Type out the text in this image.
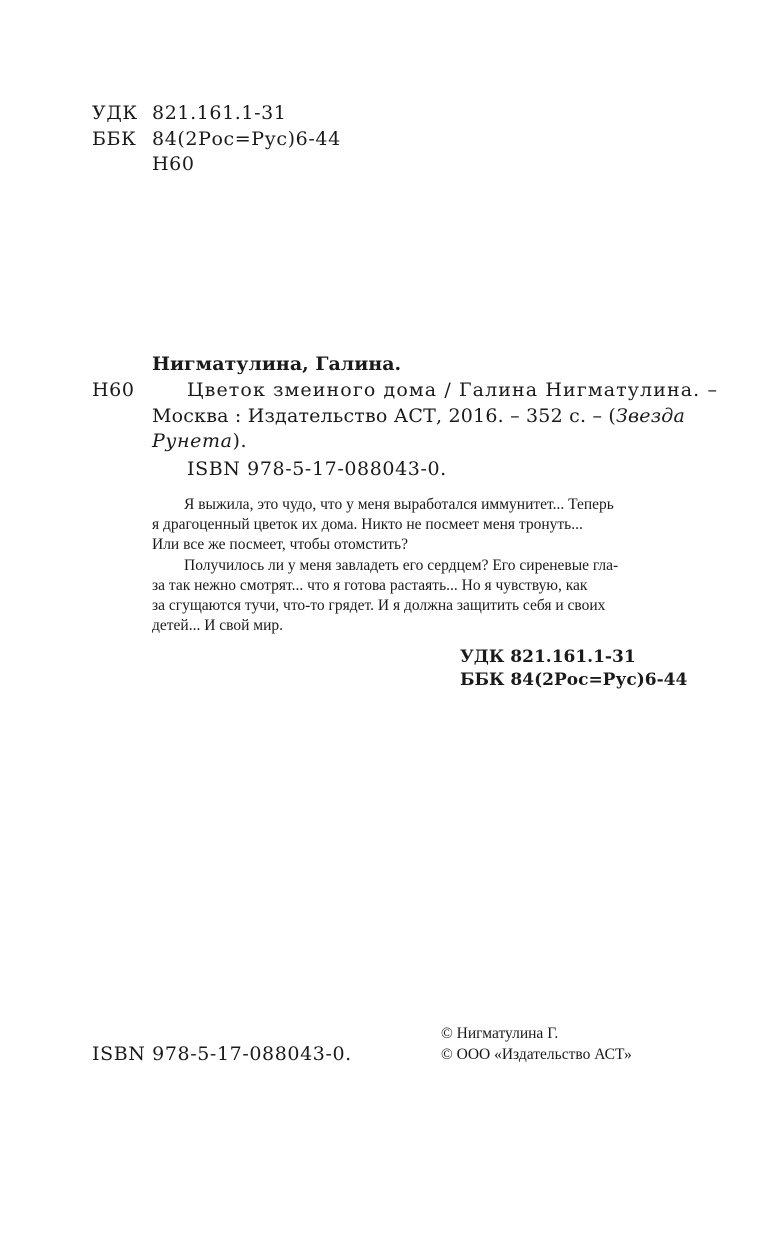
УДК 821.161.1-31
ББК 84(2Рос=Рус)6-44
Н60
Нигматулина, Галина.
Н60	Цветок змеиного дома / Галина Нигматулина. –
Москва : Издательство АСТ, 2016. – 352 с. – (Звезда
Рунета).
ISBN 978-5-17-088043-0.
Я выжила, это чудо, что у меня выработался иммунитет... Теперь
я драгоценный цветок их дома. Никто не посмеет меня тронуть...
Или все же посмеет, чтобы отомстить?
Получилось ли у меня завладеть его сердцем? Его сиреневые гла-
за так нежно смотрят... что я готова растаять... Но я чувствую, как
за сгущаются тучи, что-то грядет. И я должна защитить себя и своих
детей... И свой мир.
УДК 821.161.1-31
ББК 84(2Рос=Рус)6-44
ISBN 978-5-17-088043-0.
© Нигматулина Г.
© ООО «Издательство АСТ»
